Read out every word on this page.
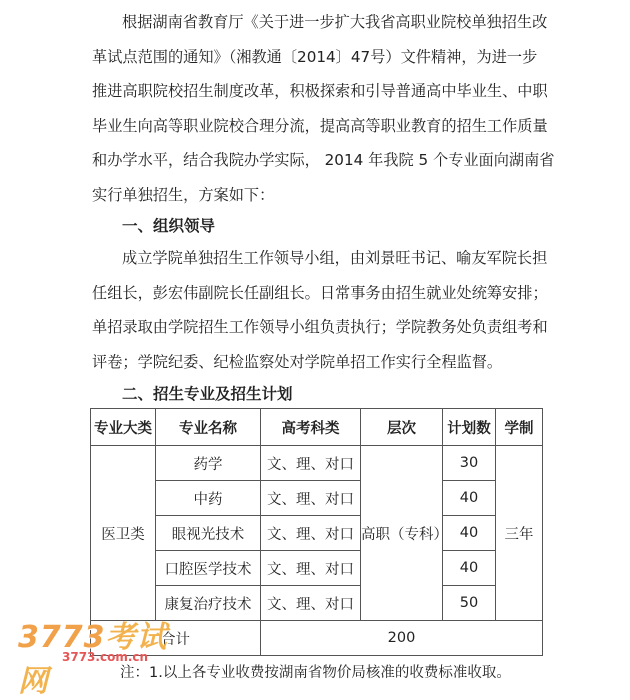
根据湖南省教育厅《关于进一步扩大我省高职业院校单独招生改
革试点范围的通知》（湘教通〔2014〕47号）文件精神，为进一步
推进高职院校招生制度改革，积极探索和引导普通高中毕业生、中职
毕业生向高等职业院校合理分流，提高高等职业教育的招生工作质量
和办学水平，结合我院办学实际， 2014 年我院 5 个专业面向湖南省
实行单独招生，方案如下：

一、组织领导

成立学院单独招生工作领导小组，由刘景旺书记、喻友军院长担
任组长，彭宏伟副院长任副组长。日常事务由招生就业处统筹安排；
单招录取由学院招生工作领导小组负责执行；学院教务处负责组考和
评卷；学院纪委、纪检监察处对学院单招工作实行全程监督。

二、招生专业及招生计划

专业大类	专业名称	高考科类	层次	计划数	学制
医卫类	药学	文、理、对口	高职（专科）	30	三年
	中药	文、理、对口		40	
	眼视光技术	文、理、对口		40	
	口腔医学技术	文、理、对口		40	
	康复治疗技术	文、理、对口		50	
合计		200			
3773考试网
3773.com.cn

注：1.以上各专业收费按湖南省物价局核准的收费标准收取。
